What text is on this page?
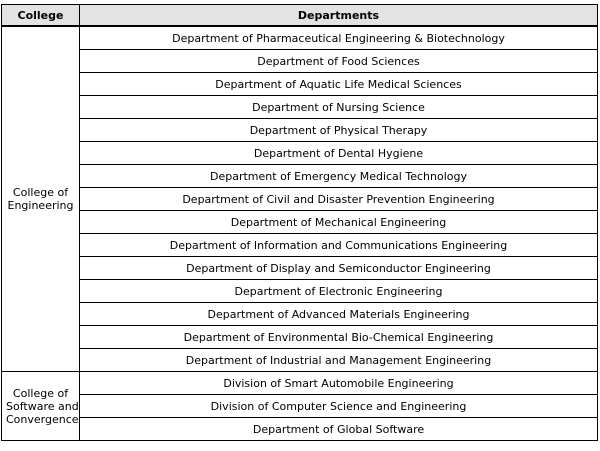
College	Departments

College of
Engineering	Department of Pharmaceutical Engineering & Biotechnology
	Department of Food Sciences
	Department of Aquatic Life Medical Sciences
	Department of Nursing Science
	Department of Physical Therapy
	Department of Dental Hygiene
	Department of Emergency Medical Technology
	Department of Civil and Disaster Prevention Engineering
	Department of Mechanical Engineering
	Department of Information and Communications Engineering
	Department of Display and Semiconductor Engineering
	Department of Electronic Engineering
	Department of Advanced Materials Engineering
	Department of Environmental Bio-Chemical Engineering
	Department of Industrial and Management Engineering

College of
Software and
Convergence	Division of Smart Automobile Engineering
	Division of Computer Science and Engineering
	Department of Global Software
